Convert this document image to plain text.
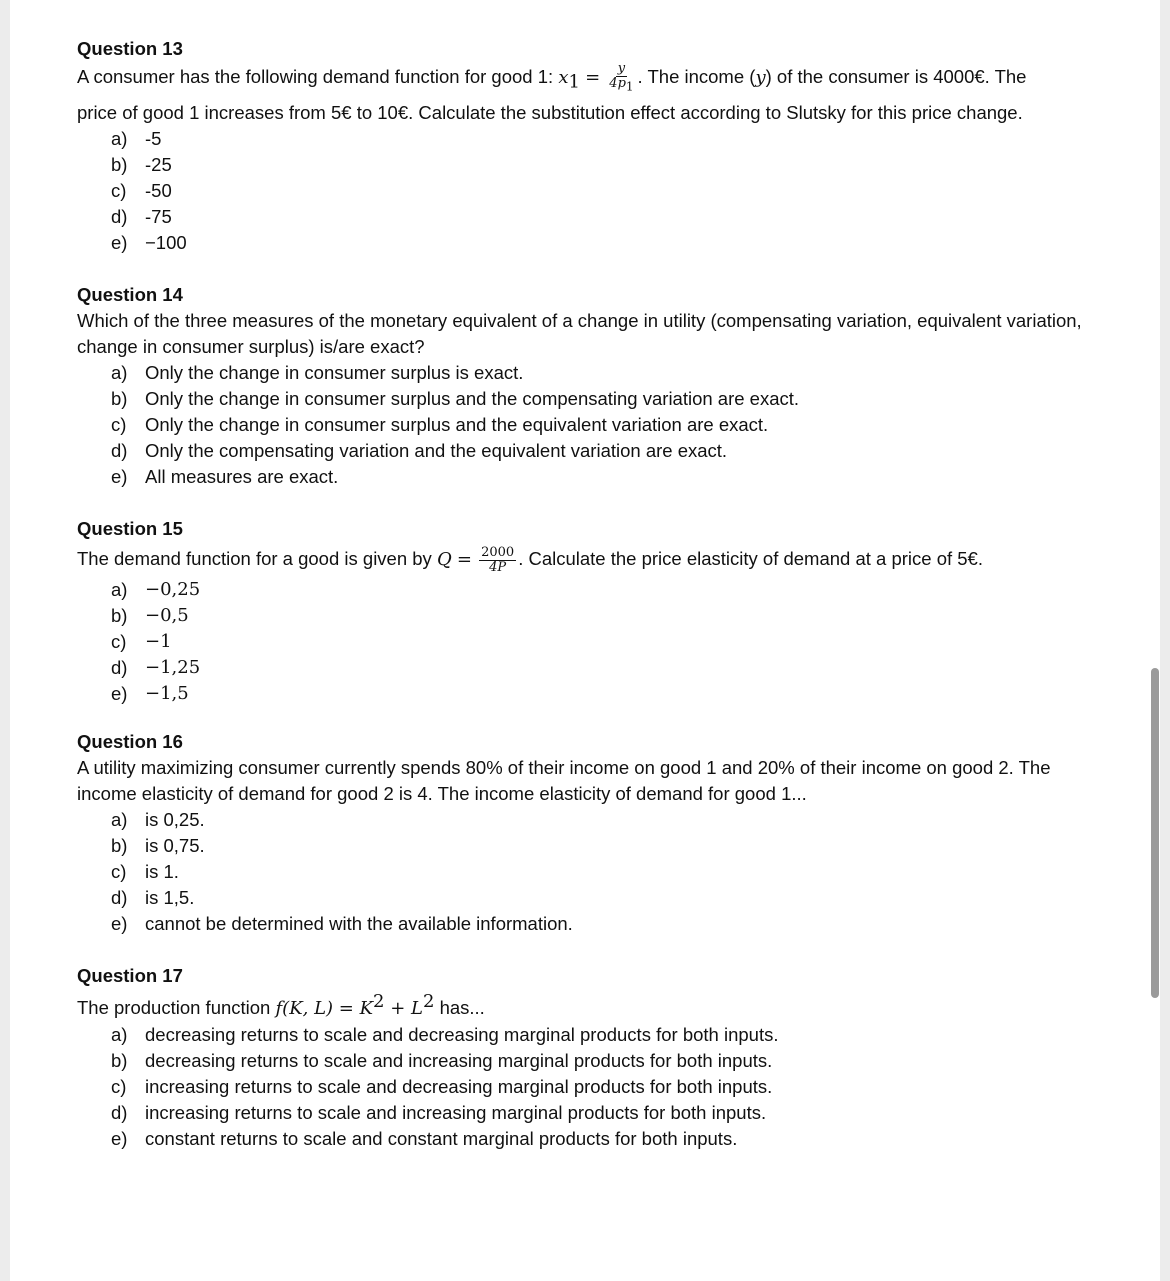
Question 13
A consumer has the following demand function for good 1: $x_1 = \frac{y}{4p_1}$ . The income (y) of the consumer is 4000€. The
price of good 1 increases from 5€ to 10€. Calculate the substitution effect according to Slutsky for this price change.
a) -5
b) -25
c)	-50
d) -75
e) −100
Question 14
Which of the three measures of the monetary equivalent of a change in utility (compensating variation, equivalent variation, change in consumer surplus) is/are exact?
a) Only the change in consumer surplus is exact.
b) Only the change in consumer surplus and the compensating variation are exact.
c)	Only the change in consumer surplus and the equivalent variation are exact.
d) Only the compensating variation and the equivalent variation are exact.
e) All measures are exact.
Question 15
The demand function for a good is given by $Q = \frac{2000}{4P}$ . Calculate the price elasticity of demand at a price of 5€.
a) −0,25
b) −0,5
c)	−1
d) −1,25
e) −1,5
Question 16
A utility maximizing consumer currently spends 80% of their income on good 1 and 20% of their income on good 2. The income elasticity of demand for good 2 is 4. The income elasticity of demand for good 1...
a) is 0,25.
b) is 0,75.
c)	is 1.
d) is 1,5.
e) cannot be determined with the available information.
Question 17
The production function f(K, $L) = K^2 + L^2$ has...
a) decreasing returns to scale and decreasing marginal products for both inputs.
b) decreasing returns to scale and increasing marginal products for both inputs.
c)	increasing returns to scale and decreasing marginal products for both inputs.
d) increasing returns to scale and increasing marginal products for both inputs.
e) constant returns to scale and constant marginal products for both inputs.
